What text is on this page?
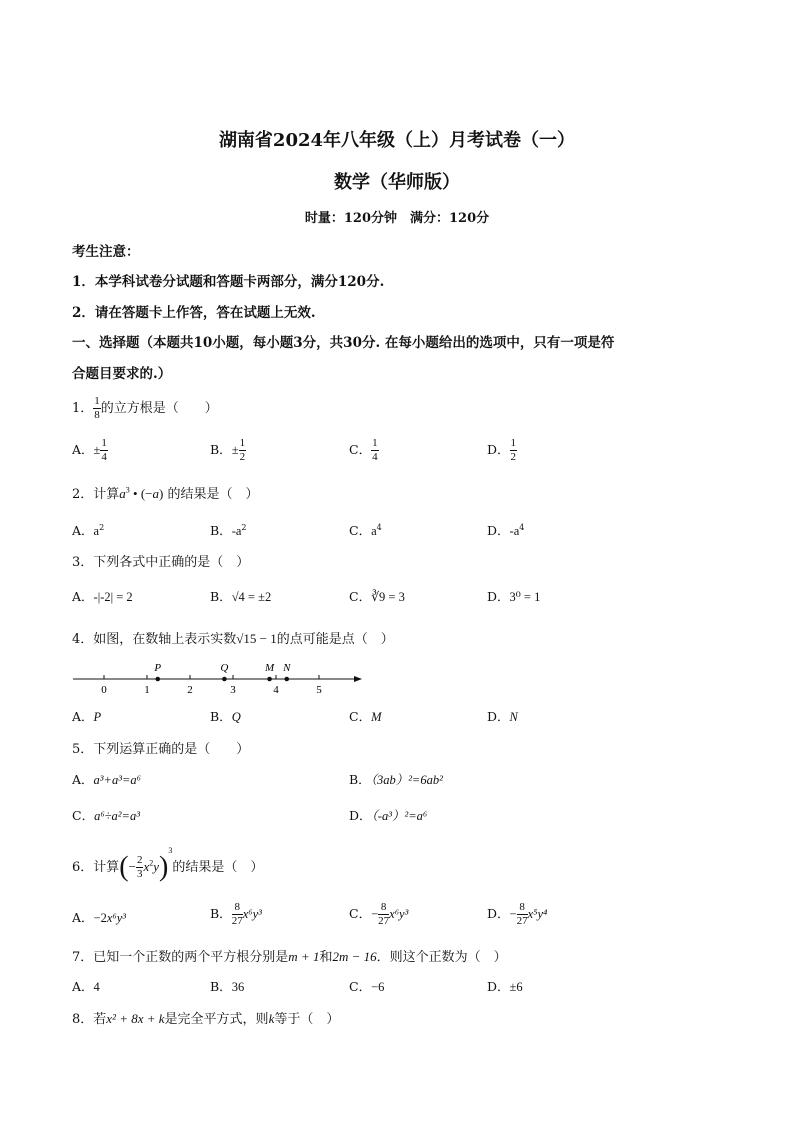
湖南省2024年八年级（上）月考试卷（一）
数学（华师版）
时量：120分钟　满分：120分
考生注意：
1．本学科试卷分试题和答题卡两部分，满分120分.
2．请在答题卡上作答，答在试题上无效.
一、选择题（本题共10小题，每小题3分，共30分. 在每小题给出的选项中，只有一项是符
合题目要求的.）
1． $\frac{1}{8}$ 的立方根是（　　）
A．± $\frac{1}{4}$	B．± $\frac{1}{2}$	C． $\frac{1}{4}$	D． $\frac{1}{2}$
2．计算$a^3$ • (−a) 的结果是（　）
A．$a^2$	B．$-a^2$	C．$a^4$	D．$-a^4$
3．下列各式中正确的是（　）
A．-|-2| = 2	B．√4 = ±2	C．∛9 = 3	D．3⁰ = 1
4．如图，在数轴上表示实数√15 − 1的点可能是点（　）
0	1	2	3	4	5
P	Q	M N
A．P	B．Q	C．M	D．N
5．下列运算正确的是（　　）
A．a³+a³=a⁶	B．（3ab）²=6ab²
C．a⁶÷a²=a³	D．（-a³）²=a⁶
6．计算(− $\frac{2}{3} x^2y)^3$的结果是（　）
A．−2x⁶y³	B． $\frac{8}{27} x^6y^3$	C．− $\frac{8}{27} x^6y^3$	D．− $\frac{8}{27} x^5y^4$
7．已知一个正数的两个平方根分别是m + 1和2m − 16．则这个正数为（　）
A．4	B．36	C．−6	D．±6
8．若x² + 8x + k是完全平方式，则k等于（　）
